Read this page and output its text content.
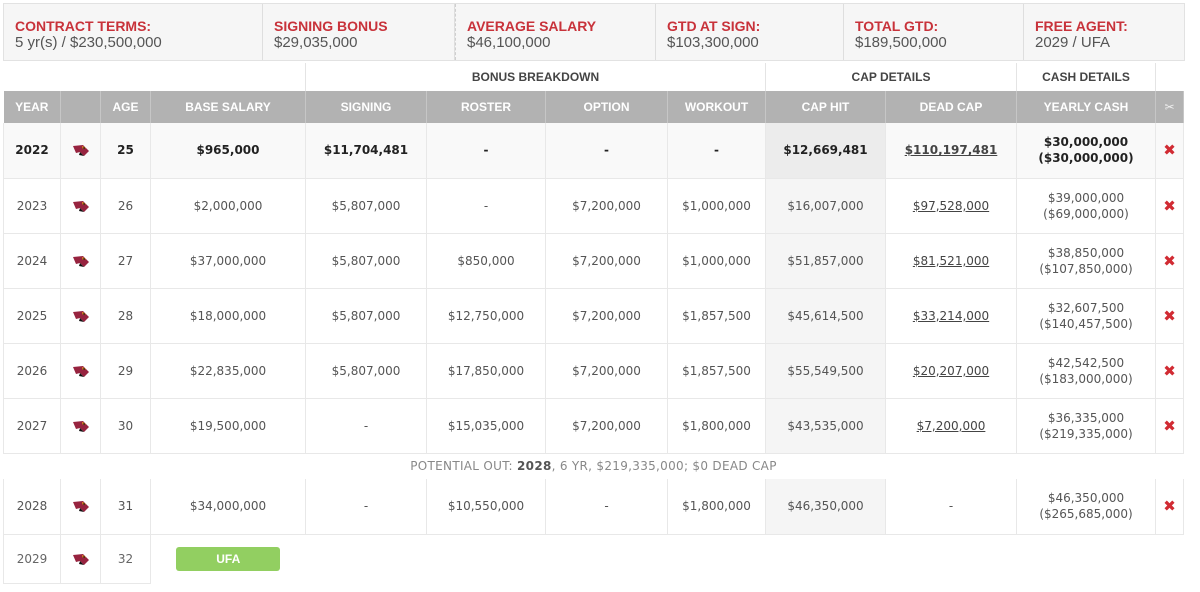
CONTRACT TERMS:
5 yr(s) / $230,500,000
SIGNING BONUS
$29,035,000
AVERAGE SALARY
$46,100,000
GTD AT SIGN:
$103,300,000
TOTAL GTD:
$189,500,000
FREE AGENT:
2029 / UFA
				BONUS BREAKDOWN				CAP DETAILS		CASH DETAILS	
YEAR		AGE	BASE SALARY	SIGNING	ROSTER	OPTION	WORKOUT	CAP HIT	DEAD CAP	YEARLY CASH	✂
2022		25	$965,000	$11,704,481	-	-	-	$12,669,481	$110,197,481	$30,000,000
($30,000,000)	✖
2023		26	$2,000,000	$5,807,000	-	$7,200,000	$1,000,000	$16,007,000	$97,528,000	$39,000,000
($69,000,000)	✖
2024		27	$37,000,000	$5,807,000	$850,000	$7,200,000	$1,000,000	$51,857,000	$81,521,000	$38,850,000
($107,850,000)	✖
2025		28	$18,000,000	$5,807,000	$12,750,000	$7,200,000	$1,857,500	$45,614,500	$33,214,000	$32,607,500
($140,457,500)	✖
2026		29	$22,835,000	$5,807,000	$17,850,000	$7,200,000	$1,857,500	$55,549,500	$20,207,000	$42,542,500
($183,000,000)	✖
2027		30	$19,500,000	-	$15,035,000	$7,200,000	$1,800,000	$43,535,000	$7,200,000	$36,335,000
($219,335,000)	✖
POTENTIAL OUT: 2028, 6 YR, $219,335,000; $0 DEAD CAP											
2028		31	$34,000,000	-	$10,550,000	-	$1,800,000	$46,350,000	-	$46,350,000
($265,685,000)	✖
2029		32	UFA								
